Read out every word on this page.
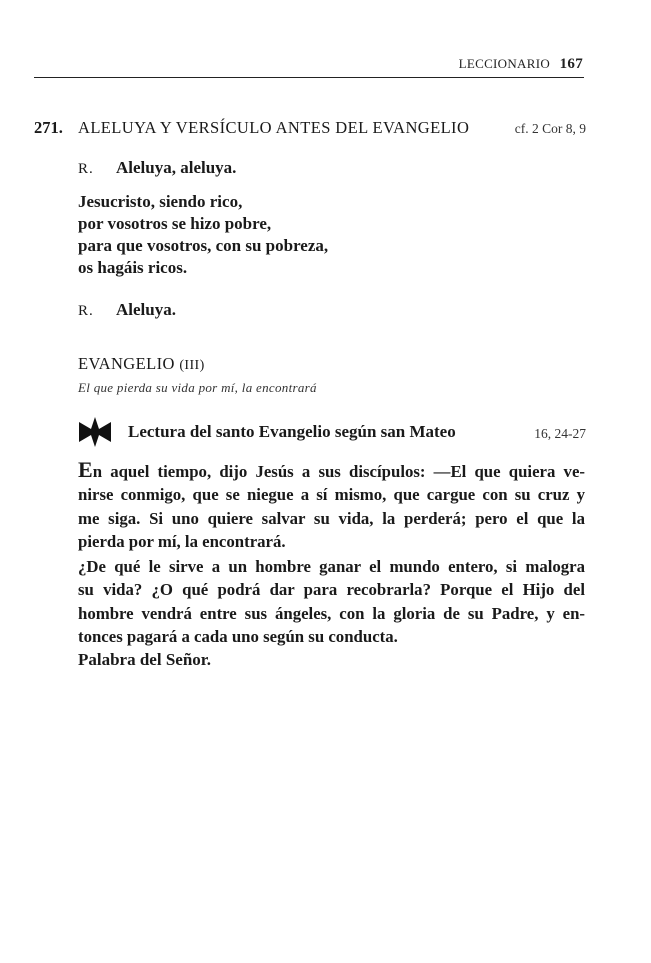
LECCIONARIO 167
271. ALELUYA Y VERSÍCULO ANTES DEL EVANGELIO	cf. 2 Cor 8, 9
R. Aleluya, aleluya.
Jesucristo, siendo rico,
por vosotros se hizo pobre,
para que vosotros, con su pobreza,
os hagáis ricos.
R. Aleluya.
EVANGELIO (III)
El que pierda su vida por mí, la encontrará
Lectura del santo Evangelio según san Mateo	16, 24-27
En aquel tiempo, dijo Jesús a sus discípulos: —El que quiera ve-
nirse conmigo, que se niegue a sí mismo, que cargue con su cruz y
me siga. Si uno quiere salvar su vida, la perderá; pero el que la
pierda por mí, la encontrará.
¿De qué le sirve a un hombre ganar el mundo entero, si malogra
su vida? ¿O qué podrá dar para recobrarla? Porque el Hijo del
hombre vendrá entre sus ángeles, con la gloria de su Padre, y en-
tonces pagará a cada uno según su conducta.
Palabra del Señor.
